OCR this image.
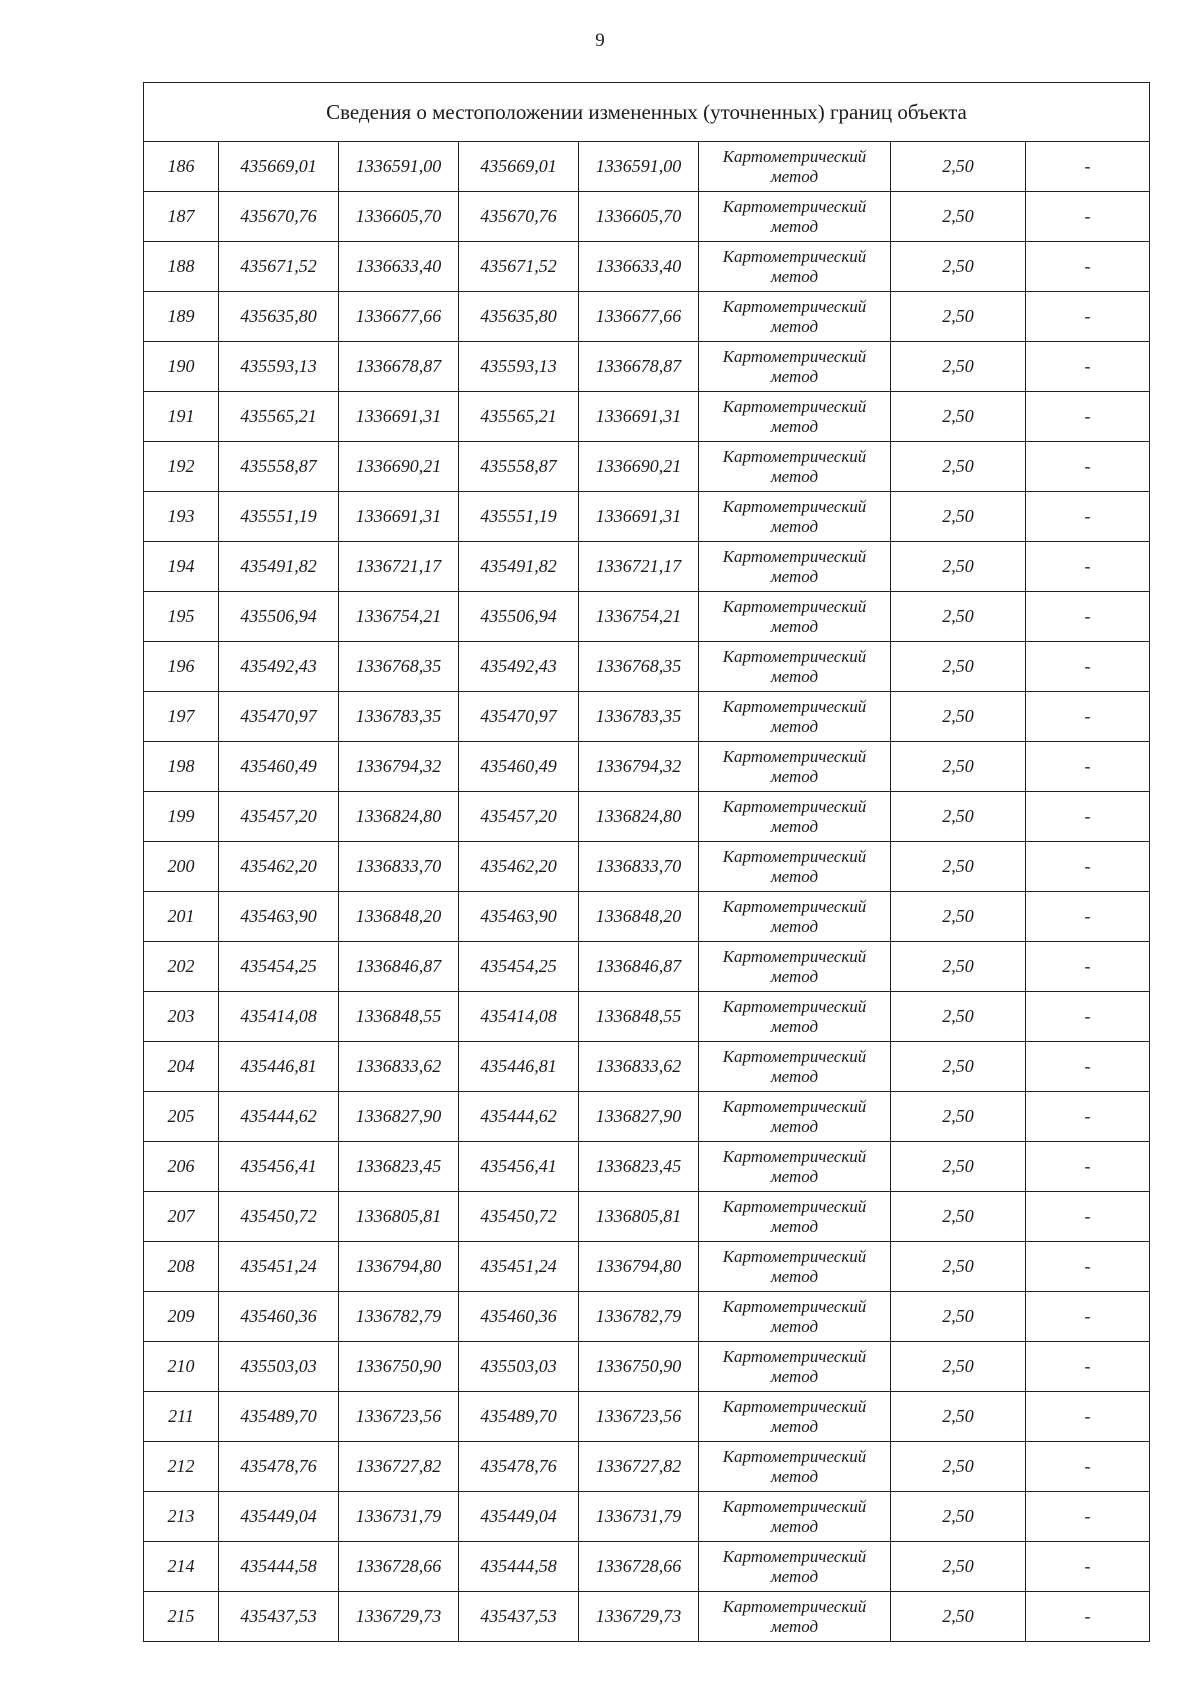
9
Сведения о местоположении измененных (уточненных) границ объекта							
186	435669,01	1336591,00	435669,01	1336591,00	Картометрический
метод	2,50	-
187	435670,76	1336605,70	435670,76	1336605,70	Картометрический
метод	2,50	-
188	435671,52	1336633,40	435671,52	1336633,40	Картометрический
метод	2,50	-
189	435635,80	1336677,66	435635,80	1336677,66	Картометрический
метод	2,50	-
190	435593,13	1336678,87	435593,13	1336678,87	Картометрический
метод	2,50	-
191	435565,21	1336691,31	435565,21	1336691,31	Картометрический
метод	2,50	-
192	435558,87	1336690,21	435558,87	1336690,21	Картометрический
метод	2,50	-
193	435551,19	1336691,31	435551,19	1336691,31	Картометрический
метод	2,50	-
194	435491,82	1336721,17	435491,82	1336721,17	Картометрический
метод	2,50	-
195	435506,94	1336754,21	435506,94	1336754,21	Картометрический
метод	2,50	-
196	435492,43	1336768,35	435492,43	1336768,35	Картометрический
метод	2,50	-
197	435470,97	1336783,35	435470,97	1336783,35	Картометрический
метод	2,50	-
198	435460,49	1336794,32	435460,49	1336794,32	Картометрический
метод	2,50	-
199	435457,20	1336824,80	435457,20	1336824,80	Картометрический
метод	2,50	-
200	435462,20	1336833,70	435462,20	1336833,70	Картометрический
метод	2,50	-
201	435463,90	1336848,20	435463,90	1336848,20	Картометрический
метод	2,50	-
202	435454,25	1336846,87	435454,25	1336846,87	Картометрический
метод	2,50	-
203	435414,08	1336848,55	435414,08	1336848,55	Картометрический
метод	2,50	-
204	435446,81	1336833,62	435446,81	1336833,62	Картометрический
метод	2,50	-
205	435444,62	1336827,90	435444,62	1336827,90	Картометрический
метод	2,50	-
206	435456,41	1336823,45	435456,41	1336823,45	Картометрический
метод	2,50	-
207	435450,72	1336805,81	435450,72	1336805,81	Картометрический
метод	2,50	-
208	435451,24	1336794,80	435451,24	1336794,80	Картометрический
метод	2,50	-
209	435460,36	1336782,79	435460,36	1336782,79	Картометрический
метод	2,50	-
210	435503,03	1336750,90	435503,03	1336750,90	Картометрический
метод	2,50	-
211	435489,70	1336723,56	435489,70	1336723,56	Картометрический
метод	2,50	-
212	435478,76	1336727,82	435478,76	1336727,82	Картометрический
метод	2,50	-
213	435449,04	1336731,79	435449,04	1336731,79	Картометрический
метод	2,50	-
214	435444,58	1336728,66	435444,58	1336728,66	Картометрический
метод	2,50	-
215	435437,53	1336729,73	435437,53	1336729,73	Картометрический
метод	2,50	-
